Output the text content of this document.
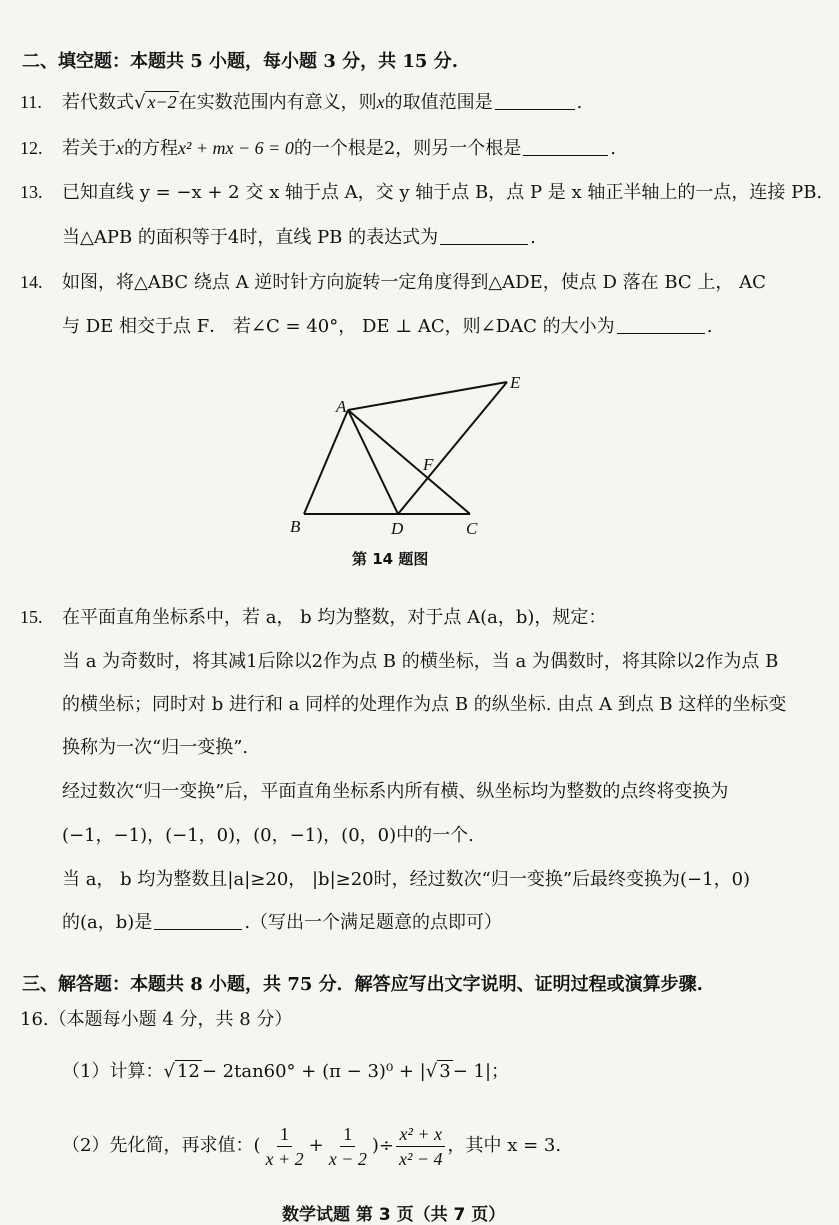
二、填空题：本题共 5 小题，每小题 3 分，共 15 分.
11. 若代数式√ x−2 在实数范围内有意义，则x的取值范围是	.
12. 若关于x的方程x² + mx − 6 = 0的一个根是2，则另一个根是	.
13. 已知直线 y = −x + 2 交 x 轴于点 A，交 y 轴于点 B，点 P 是 x 轴正半轴上的一点，连接 PB.
当△APB 的面积等于4时，直线 PB 的表达式为	.
14. 如图，将△ABC 绕点 A 逆时针方向旋转一定角度得到△ADE，使点 D 落在 BC 上， AC
与 DE 相交于点 F． 若∠C = 40°， DE ⊥ AC，则∠DAC 的大小为	.
A
B	C
D
E
F
第 14 题图
15. 在平面直角坐标系中，若 a， b 均为整数，对于点 A(a，b)，规定：
当 a 为奇数时，将其减1后除以2作为点 B 的横坐标，当 a 为偶数时，将其除以2作为点 B
的横坐标；同时对 b 进行和 a 同样的处理作为点 B 的纵坐标. 由点 A 到点 B 这样的坐标变
换称为一次“归一变换”.
经过数次“归一变换”后，平面直角坐标系内所有横、纵坐标均为整数的点终将变换为
(−1，−1)，(−1，0)，(0，−1)，(0，0)中的一个.
当 a， b 均为整数且|a|≥20， |b|≥20时，经过数次“归一变换”后最终变换为(−1，0)
的(a，b)是	.（写出一个满足题意的点即可）
三、解答题：本题共 8 小题，共 75 分．解答应写出文字说明、证明过程或演算步骤.
16.（本题每小题 4 分，共 8 分）
（1）计算：√ 12 − 2tan60° + (π − 3)⁰ + |√ 3 − 1|；
（2）先化简，再求值：( $\frac{1}{x + 2} + \frac{1}{x - 2}$ )÷ $\frac{\text{x² + x}}{\text{x² − 4}}$ ，其中 x = 3.
数学试题 第 3 页（共 7 页）
